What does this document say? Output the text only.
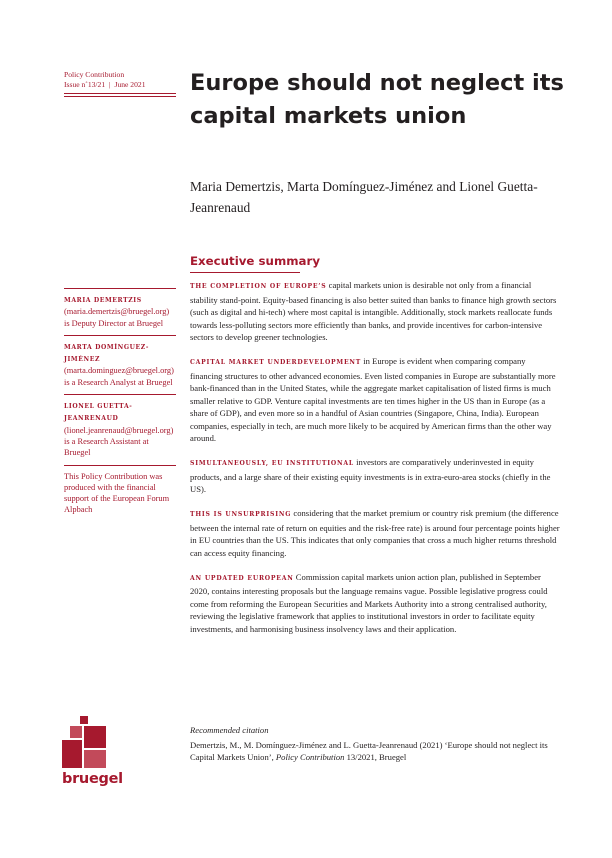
Policy Contribution
Issue n˚13/21 | June 2021	Europe should not neglect its capital markets union

Maria Demertzis, Marta Domínguez-Jiménez and Lionel Guetta-Jeanrenaud

Executive summary

THE COMPLETION OF EUROPE’S capital markets union is desirable not only from a financial stability stand-point. Equity-based financing is also better suited than banks to finance high growth sectors (such as digital and hi-tech) where most capital is intangible. Additionally, stock markets reallocate funds towards less-polluting sectors more efficiently than banks, and provide incentives for carbon-intensive sectors to develop greener technologies.

CAPITAL MARKET UNDERDEVELOPMENT in Europe is evident when comparing company financing structures to other advanced economies. Even listed companies in Europe are substantially more bank-financed than in the United States, while the aggregate market capitalisation of listed firms is much smaller relative to GDP. Venture capital investments are ten times higher in the US than in Europe (as a share of GDP), and even more so in a handful of Asian countries (Singapore, China, India). European companies, especially in tech, are much more likely to be acquired by American firms than the other way around.

SIMULTANEOUSLY, EU INSTITUTIONAL investors are comparatively underinvested in equity products, and a large share of their existing equity investments is in extra-euro-area stocks (chiefly in the US).

THIS IS UNSURPRISING considering that the market premium or country risk premium (the difference between the internal rate of return on equities and the risk-free rate) is around four percentage points higher in EU countries than the US. This indicates that only companies that cross a much higher returns threshold can access equity financing.

AN UPDATED EUROPEAN Commission capital markets union action plan, published in September 2020, contains interesting proposals but the language remains vague. Possible legislative progress could come from reforming the European Securities and Markets Authority into a strong centralised authority, reviewing the legislative framework that applies to institutional investors in order to facilitate equity investments, and harmonising business insolvency laws and their application.

MARIA DEMERTZIS (maria.demertzis@bruegel.org) is Deputy Director at Bruegel
MARTA DOMÍNGUEZ-JIMÉNEZ (marta.dominguez@bruegel.org) is a Research Analyst at Bruegel
LIONEL GUETTA-JEANRENAUD (lionel.jeanrenaud@bruegel.org) is a Research Assistant at Bruegel
This Policy Contribution was produced with the financial support of the European Forum Alpbach
bruegel
Recommended citation
Demertzis, M., M. Domínguez-Jiménez and L. Guetta-Jeanrenaud (2021) ‘Europe should not neglect its Capital Markets Union’, Policy Contribution 13/2021, Bruegel
